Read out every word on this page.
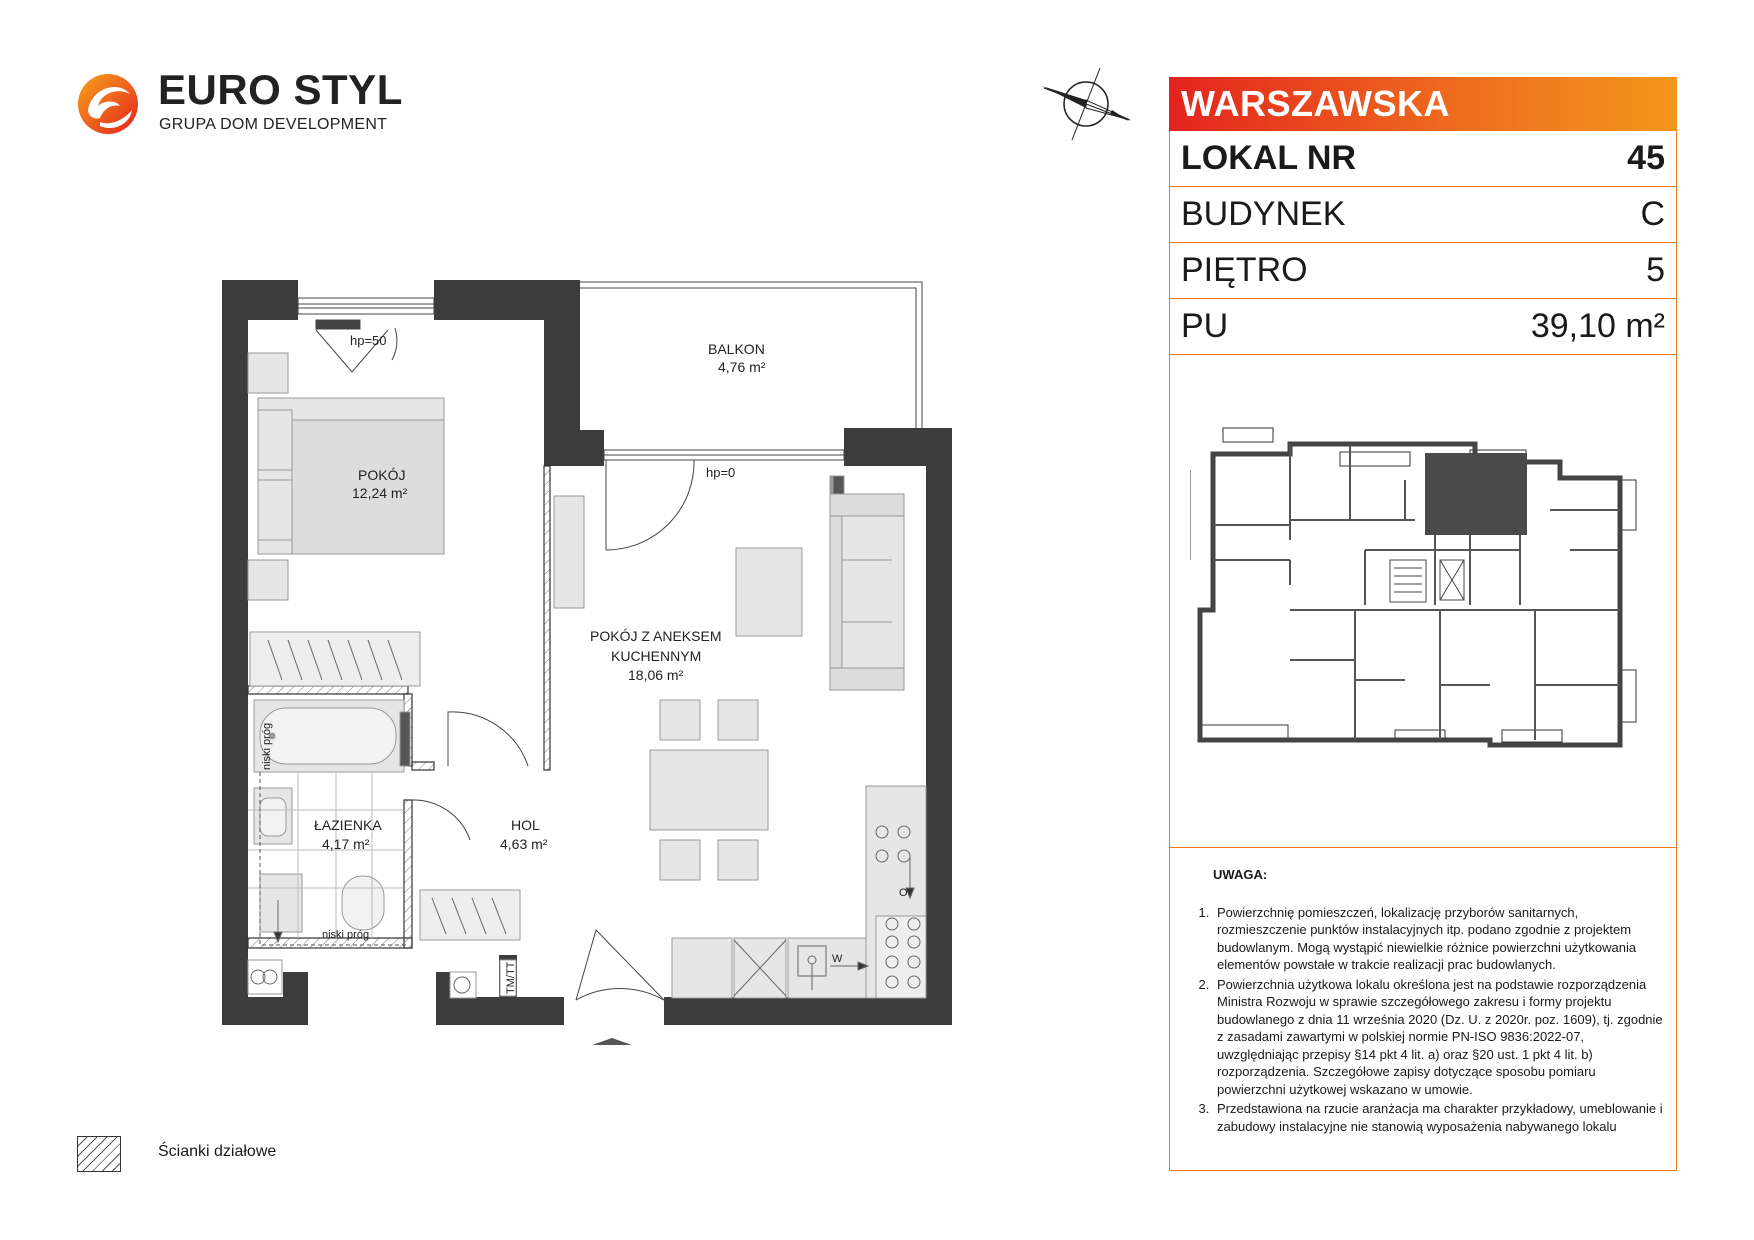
EURO STYL
GRUPA DOM DEVELOPMENT
WARSZAWSKA
LOKAL NR	45
BUDYNEK	C
PIĘTRO	5
PU	39,10 m²
UWAGA:
1. Powierzchnię pomieszczeń, lokalizację przyborów sanitarnych, rozmieszczenie punktów instalacyjnych itp. podano zgodnie z projektem budowlanym. Mogą wystąpić niewielkie różnice powierzchni użytkowania elementów powstałe w trakcie realizacji prac budowlanych.
2. Powierzchnia użytkowa lokalu określona jest na podstawie rozporządzenia Ministra Rozwoju w sprawie szczegółowego zakresu i formy projektu budowlanego z dnia 11 września 2020 (Dz. U. z 2020r. poz. 1609), tj. zgodnie z zasadami zawartymi w polskiej normie PN-ISO 9836:2022-07, uwzględniając przepisy §14 pkt 4 lit. a) oraz §20 ust. 1 pkt 4 lit. b) rozporządzenia. Szczegółowe zapisy dotyczące sposobu pomiaru powierzchni użytkowej wskazano w umowie.
3. Przedstawiona na rzucie aranżacja ma charakter przykładowy, umeblowanie i zabudowy instalacyjne nie stanowią wyposażenia nabywanego lokalu
Ścianki działowe
BALKON
4,76 m²
POKÓJ
12,24 m²
POKÓJ Z ANEKSEM
KUCHENNYM
18,06 m²
ŁAZIENKA
4,17 m²
HOL
4,63 m²
hp=50
hp=0
niski próg
niski próg
TM/TT
W
O
